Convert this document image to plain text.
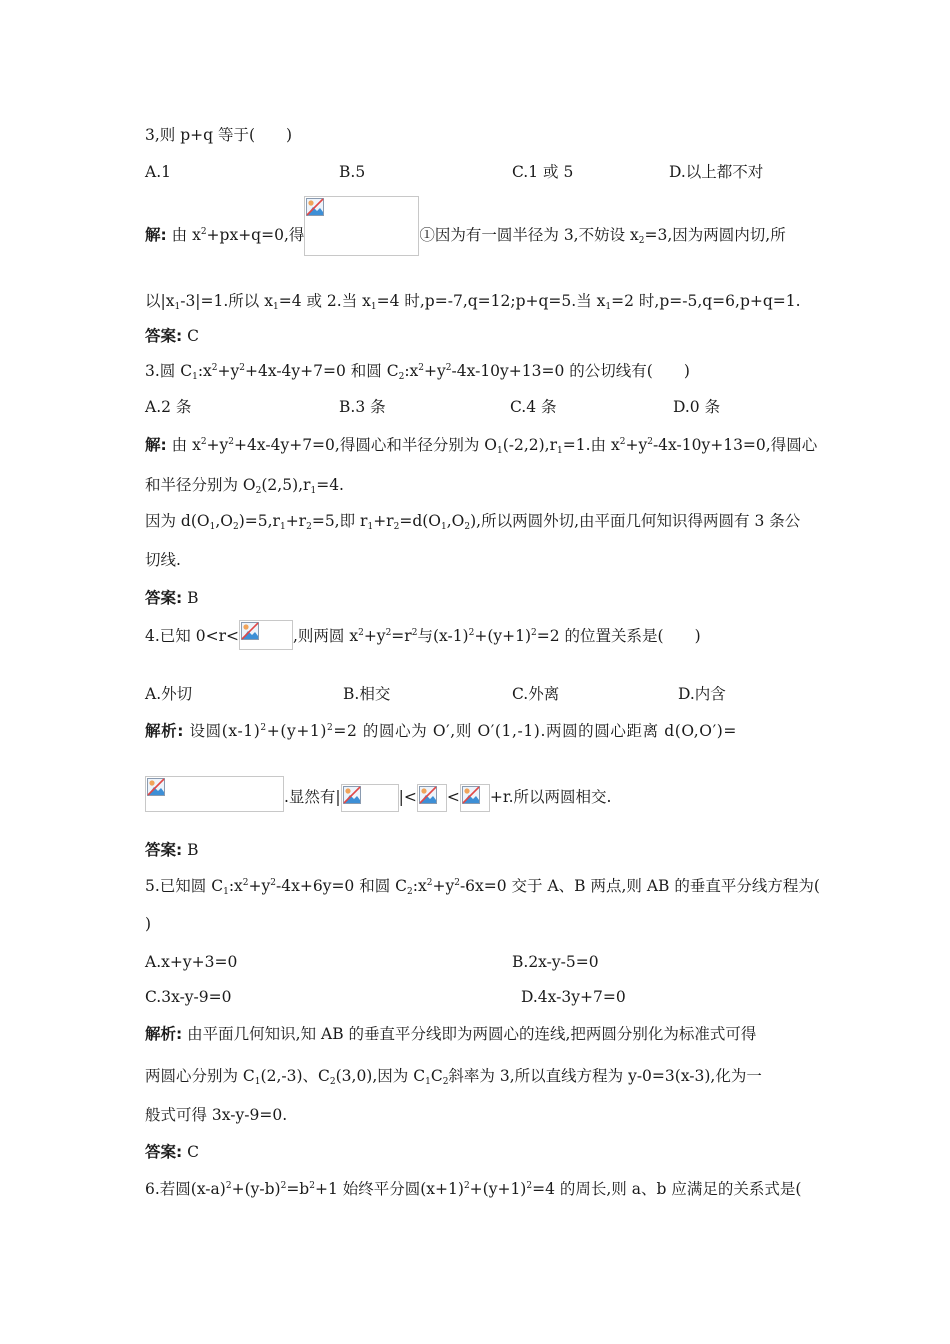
3,则 p+q 等于(　　)
A.1	B.5	C.1 或 5	D.以上都不对
解: 由 $x^2+px+q=0$,得	①因为有一圆半径为 3,不妨设 $x_2=3$,因为两圆内切,所
以$|x_1-3|=1$.所以 $x_1=4$ 或 2.当 $x_1=4$ 时,p=-7,q=12;p+q=5.当 $x_1=2$ 时,p=-5,q=6,p+q=1.
答案: C
3.圆 $C_1:x^2+y^2+4x-4y+7=0$ 和圆 $C_2:x^2+y^2-4x-10y+13=0$ 的公切线有(　　)
A.2 条	B.3 条	C.4 条	D.0 条
解: 由 $x^2+y^2+4x-4y+7=0$,得圆心和半径分别为 $O_1(-2,2),r_1=1$.由 $x^2+y^2-4x-10y+13=0$,得圆心
和半径分别为 $O_2(2,5),r_1=4$.
因为 $d(O_1,O_2)=5,r_1+r_2=5$,即 $r_1+r_2=d(O_1,O_2)$,所以两圆外切,由平面几何知识得两圆有 3 条公
切线.
答案: B
4.已知 0<r<	,则两圆 $x^2+y^2=r^2$与$(x-1)^2+(y+1)^2=2$ 的位置关系是(　　)
A.外切	B.相交	C.外离	D.内含
解析: 设圆$(x-1)^2+(y+1)^2=2$ 的圆心为 O′,则 O′(1,-1).两圆的圆心距离 d(O,O′)=
.显然有|	|< < +r.所以两圆相交.
答案: B
5.已知圆 $C_1:x^2+y^2-4x+6y=0$ 和圆 $C_2:x^2+y^2-6x=0$ 交于 A、B 两点,则 AB 的垂直平分线方程为(
)
A.x+y+3=0	B.2x-y-5=0
C.3x-y-9=0	D.4x-3y+7=0
解析: 由平面几何知识,知 AB 的垂直平分线即为两圆心的连线,把两圆分别化为标准式可得
两圆心分别为 $C_1(2,-3)$、$C_2(3,0)$,因为 $C_1C_2$斜率为 3,所以直线方程为 y-0=3(x-3),化为一
般式可得 3x-y-9=0.
答案: C
6.若圆$(x-a)^2+(y-b)^2=b^2+1$ 始终平分圆$(x+1)^2+(y+1)^2=4$ 的周长,则 a、b 应满足的关系式是(
